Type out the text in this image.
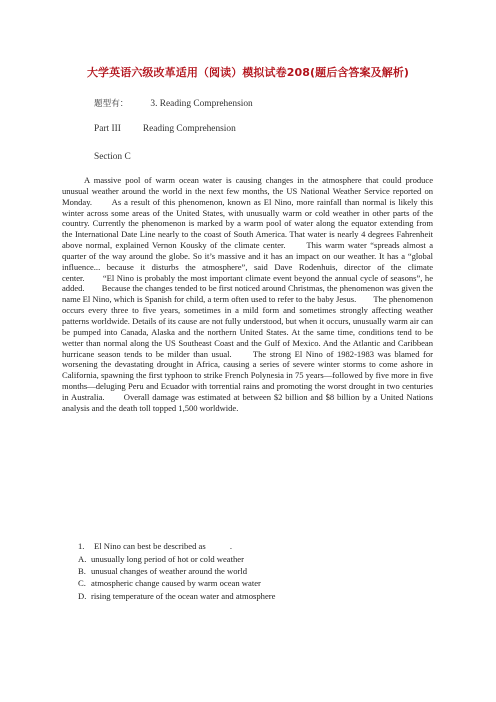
大学英语六级改革适用（阅读）模拟试卷208(题后含答案及解析)
题型有： 3. Reading Comprehension
Part III Reading Comprehension
Section C

A massive pool of warm ocean water is causing changes in the atmosphere that could produce unusual weather around the world in the next few months, the US National Weather Service reported on Monday.　　As a result of this phenomenon, known as El Nino, more rainfall than normal is likely this winter across some areas of the United States, with unusually warm or cold weather in other parts of the country. Currently the phenomenon is marked by a warm pool of water along the equator extending from the International Date Line nearly to the coast of South America. That water is nearly 4 degrees Fahrenheit above normal, explained Vernon Kousky of the climate center.　　This warm water “spreads almost a quarter of the way around the globe. So it’s massive and it has an impact on our weather. It has a “global influence... because it disturbs the atmosphere”, said Dave Rodenhuis, director of the climate center.　　“El Nino is probably the most important climate event beyond the annual cycle of seasons”, he added.　　Because the changes tended to be first noticed around Christmas, the phenomenon was given the name El Nino, which is Spanish for child, a term often used to refer to the baby Jesus.　　The phenomenon occurs every three to five years, sometimes in a mild form and sometimes strongly affecting weather patterns worldwide. Details of its cause are not fully understood, but when it occurs, unusually warm air can be pumped into Canada, Alaska and the northern United States. At the same time, conditions tend to be wetter than normal along the US Southeast Coast and the Gulf of Mexico. And the Atlantic and Caribbean hurricane season tends to be milder than usual.　　The strong El Nino of 1982-1983 was blamed for worsening the devastating drought in Africa, causing a series of severe winter storms to come ashore in California, spawning the first typhoon to strike French Polynesia in 75 years—followed by five more in five months—deluging Peru and Ecuador with torrential rains and promoting the worst drought in two centuries in Australia.　　Overall damage was estimated at between $2 billion and $8 billion by a United Nations analysis and the death toll topped 1,500 worldwide.

1. El Nino can best be described as	.
A. unusually long period of hot or cold weather
B. unusual changes of weather around the world
C. atmospheric change caused by warm ocean water
D. rising temperature of the ocean water and atmosphere
